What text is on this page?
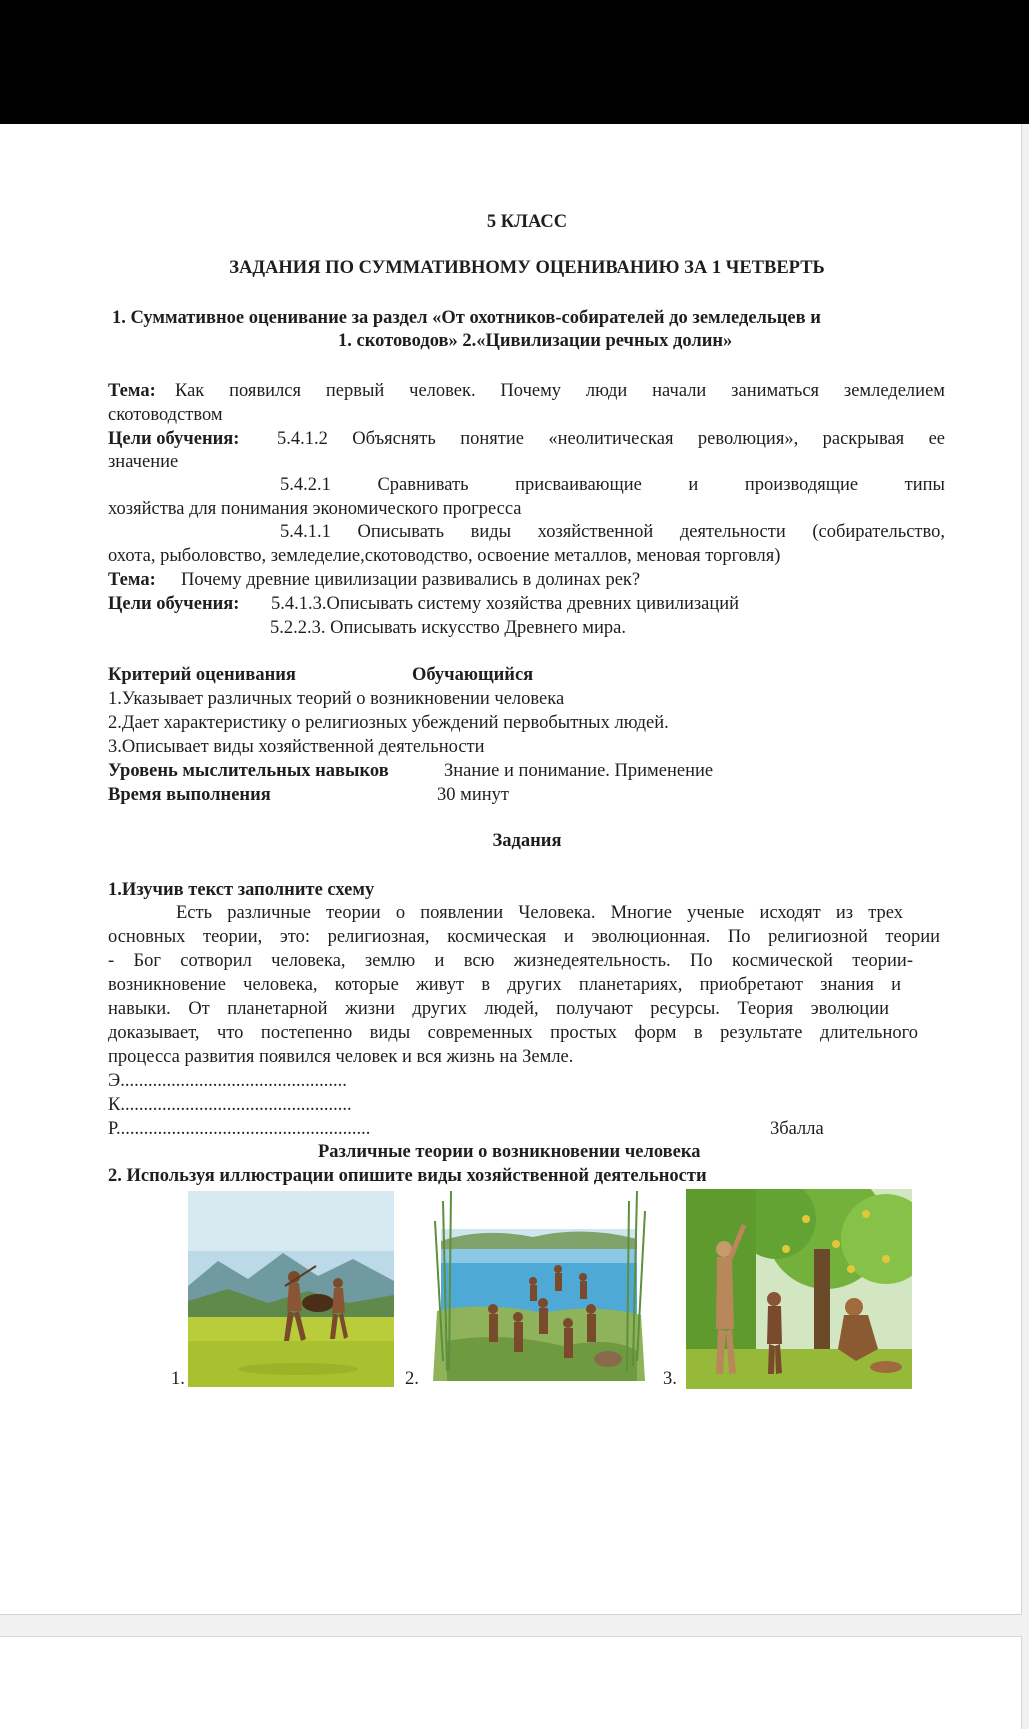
5 КЛАСС
ЗАДАНИЯ ПО СУММАТИВНОМУ ОЦЕНИВАНИЮ ЗА 1 ЧЕТВЕРТЬ
1. Суммативное оценивание за раздел «От охотников-собирателей до земледельцев и
1. скотоводов» 2.«Цивилизации речных долин»
Тема: Как появился первый человек. Почему люди начали заниматься земледелием
скотоводством
Цели обучения: 5.4.1.2 Объяснять понятие «неолитическая революция», раскрывая ее
значение
5.4.2.1 Сравнивать присваивающие и производящие типы
хозяйства для понимания экономического прогресса
5.4.1.1 Описывать виды хозяйственной деятельности (собирательство,
охота, рыболовство, земледелие,скотоводство, освоение металлов, меновая торговля)
Тема: Почему древние цивилизации развивались в долинах рек?
Цели обучения: 5.4.1.3.Описывать систему хозяйства древних цивилизаций
5.2.2.3. Описывать искусство Древнего мира.
Критерий оценивания	Обучающийся
1.Указывает различных теорий о возникновении человека
2.Дает характеристику о религиозных убеждений первобытных людей.
3.Описывает виды хозяйственной деятельности
Уровень мыслительных навыков	Знание и понимание. Применение
Время выполнения	30 минут
Задания
1.Изучив текст заполните схему
Есть различные теории о появлении Человека. Многие ученые исходят из трех
основных теории, это: религиозная, космическая и эволюционная. По религиозной теории
- Бог сотворил человека, землю и всю жизнедеятельность. По космической теории-
возникновение человека, которые живут в других планетариях, приобретают знания и
навыки. От планетарной жизни других людей, получают ресурсы. Теория эволюции
доказывает, что постепенно виды современных простых форм в результате длительного
процесса развития появился человек и вся жизнь на Земле.
Э.................................................
К..................................................
Р.......................................................	3балла
Различные теории о возникновении человека
2. Используя иллюстрации опишите виды хозяйственной деятельности
1.	2.	3.
